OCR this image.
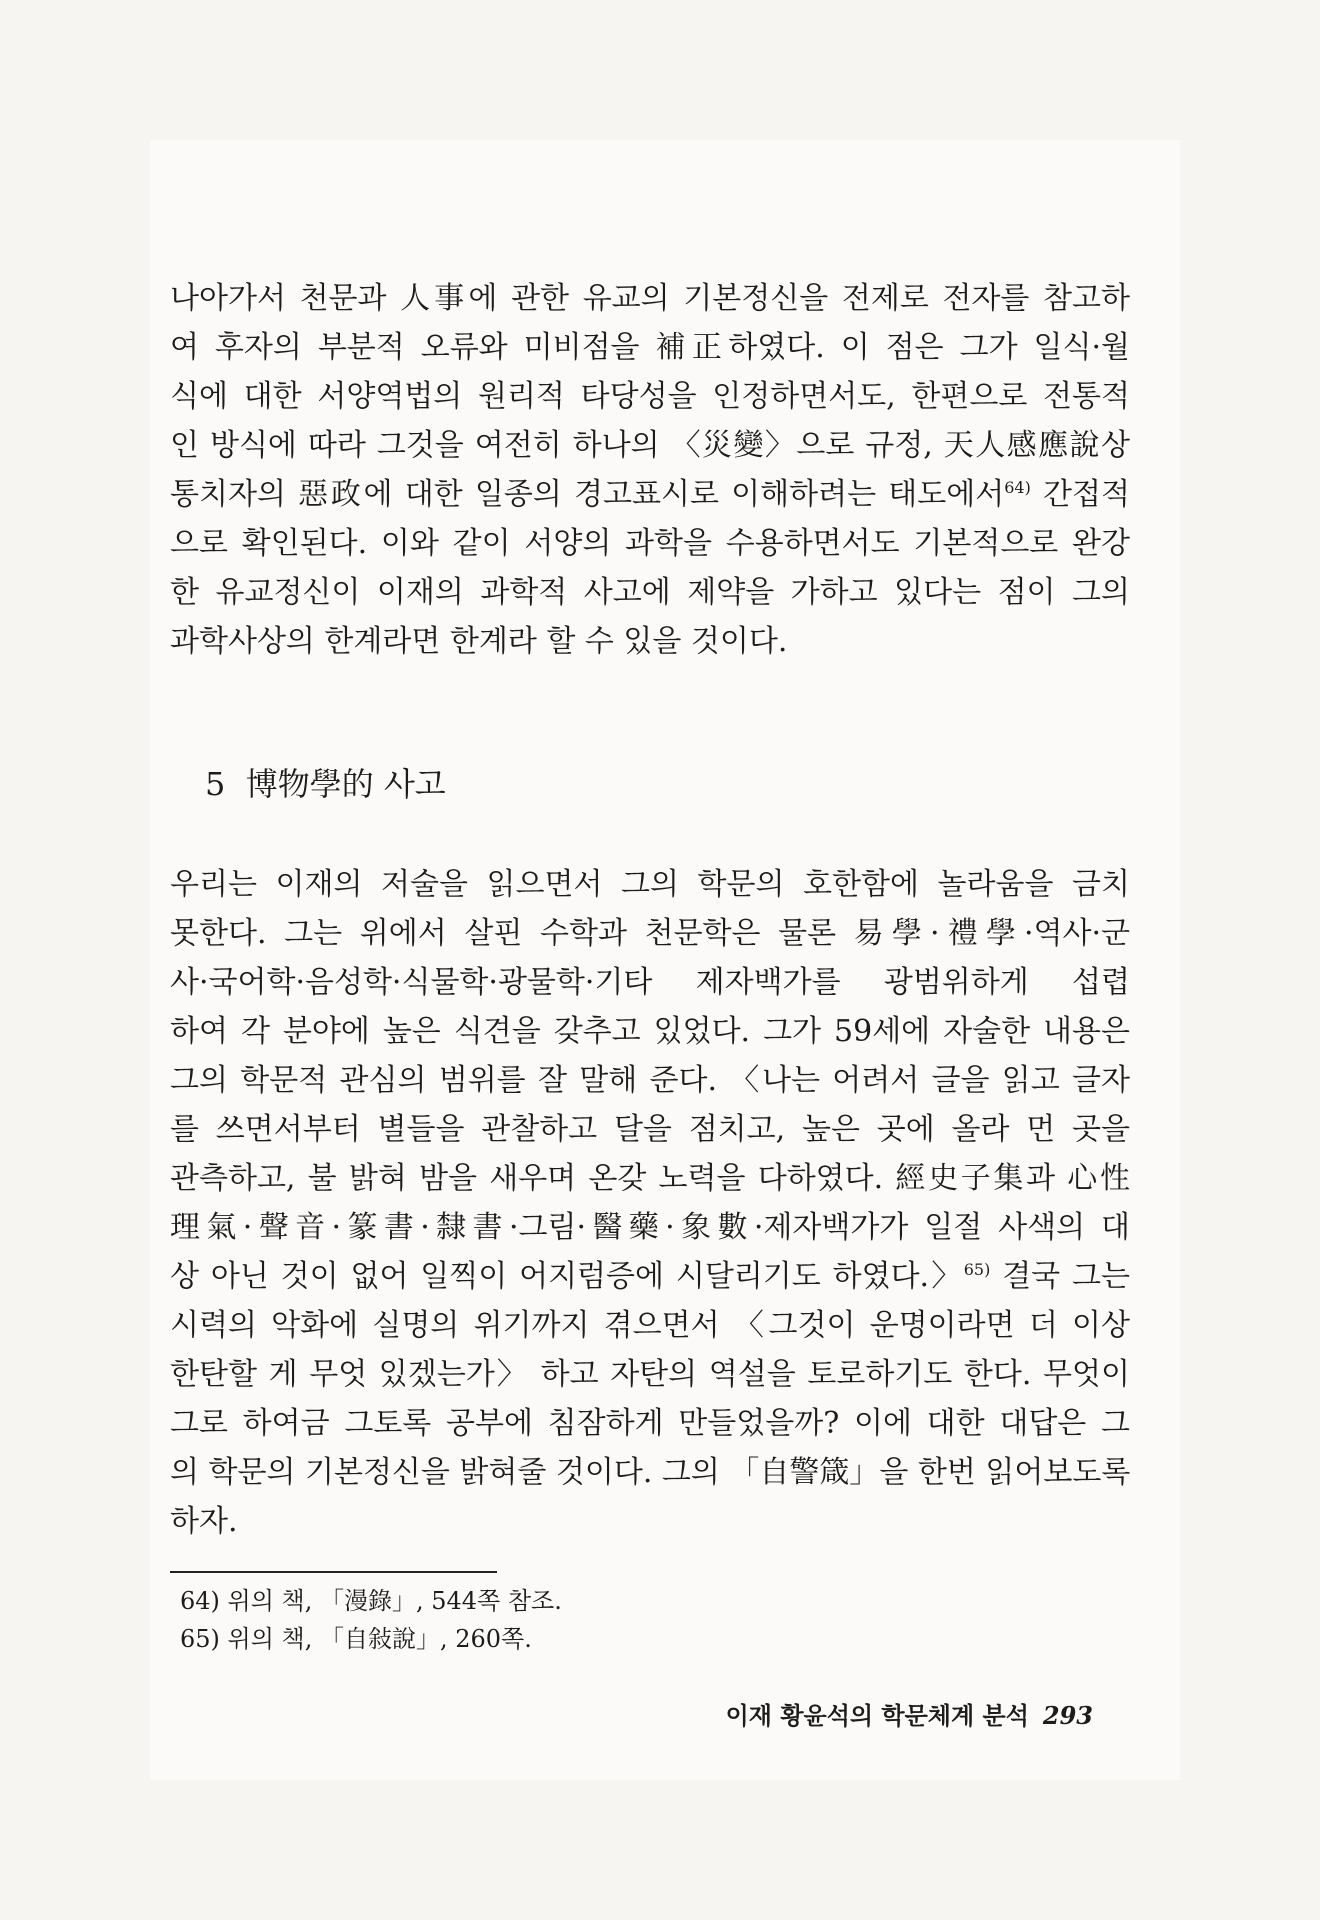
나아가서 천문과 人事에 관한 유교의 기본정신을 전제로 전자를 참고하
여 후자의 부분적 오류와 미비점을 補正하였다. 이 점은 그가 일식·월
식에 대한 서양역법의 원리적 타당성을 인정하면서도, 한편으로 전통적
인 방식에 따라 그것을 여전히 하나의 〈災變〉으로 규정, 天人感應說상
통치자의 惡政에 대한 일종의 경고표시로 이해하려는 태도에서$^{64)}$ 간접적
으로 확인된다. 이와 같이 서양의 과학을 수용하면서도 기본적으로 완강
한 유교정신이 이재의 과학적 사고에 제약을 가하고 있다는 점이 그의
과학사상의 한계라면 한계라 할 수 있을 것이다.
5 博物學的 사고
우리는 이재의 저술을 읽으면서 그의 학문의 호한함에 놀라움을 금치
못한다. 그는 위에서 살핀 수학과 천문학은 물론 易學·禮學·역사·군
사·국어학·음성학·식물학·광물학·기타 제자백가를 광범위하게 섭렵
하여 각 분야에 높은 식견을 갖추고 있었다. 그가 59세에 자술한 내용은
그의 학문적 관심의 범위를 잘 말해 준다. 〈나는 어려서 글을 읽고 글자
를 쓰면서부터 별들을 관찰하고 달을 점치고, 높은 곳에 올라 먼 곳을
관측하고, 불 밝혀 밤을 새우며 온갖 노력을 다하였다. 經史子集과 心性
理氣·聲音·篆書·隸書·그림·醫藥·象數·제자백가가 일절 사색의 대
상 아닌 것이 없어 일찍이 어지럼증에 시달리기도 하였다.〉$^{65)}$ 결국 그는
시력의 악화에 실명의 위기까지 겪으면서 〈그것이 운명이라면 더 이상
한탄할 게 무엇 있겠는가〉 하고 자탄의 역설을 토로하기도 한다. 무엇이
그로 하여금 그토록 공부에 침잠하게 만들었을까? 이에 대한 대답은 그
의 학문의 기본정신을 밝혀줄 것이다. 그의 「自警箴」을 한번 읽어보도록
하자.
64) 위의 책, 「漫錄」, 544쪽 참조.
65) 위의 책, 「自敍說」, 260쪽.
이재 황윤석의 학문체계 분석 293
